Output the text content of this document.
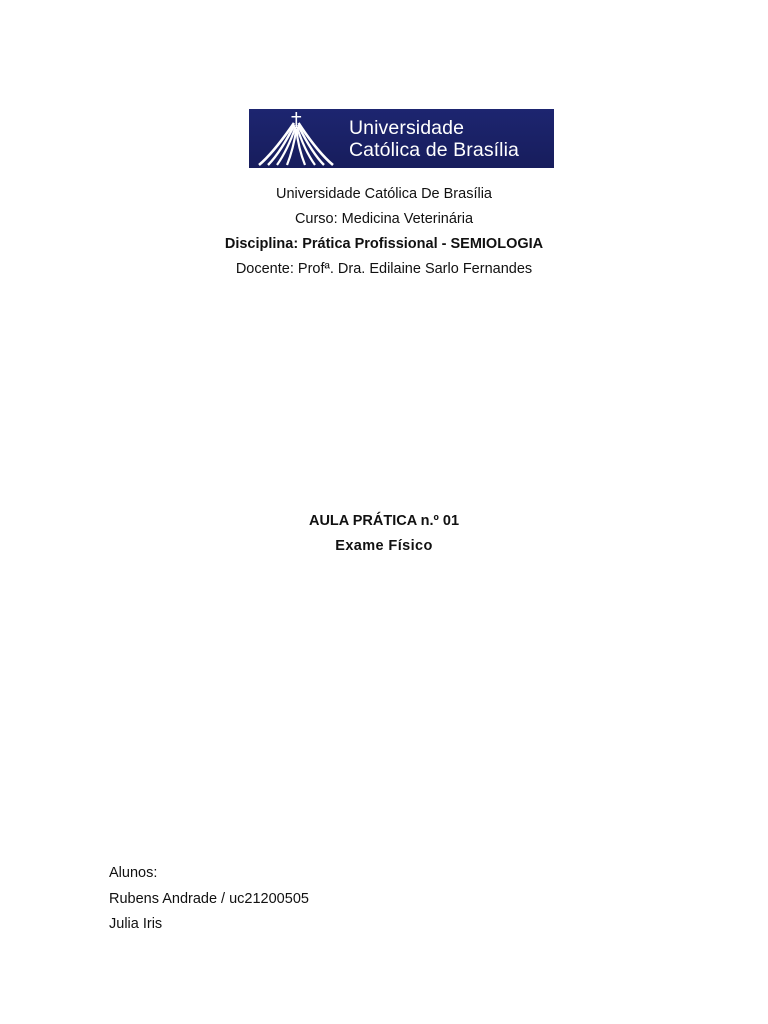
Universidade
Católica de Brasília
Universidade Católica De Brasília
Curso: Medicina Veterinária
Disciplina: Prática Profissional - SEMIOLOGIA
Docente: Profª. Dra. Edilaine Sarlo Fernandes
AULA PRÁTICA n.º 01
Exame Físico
Alunos:
Rubens Andrade / uc21200505
Julia Iris
